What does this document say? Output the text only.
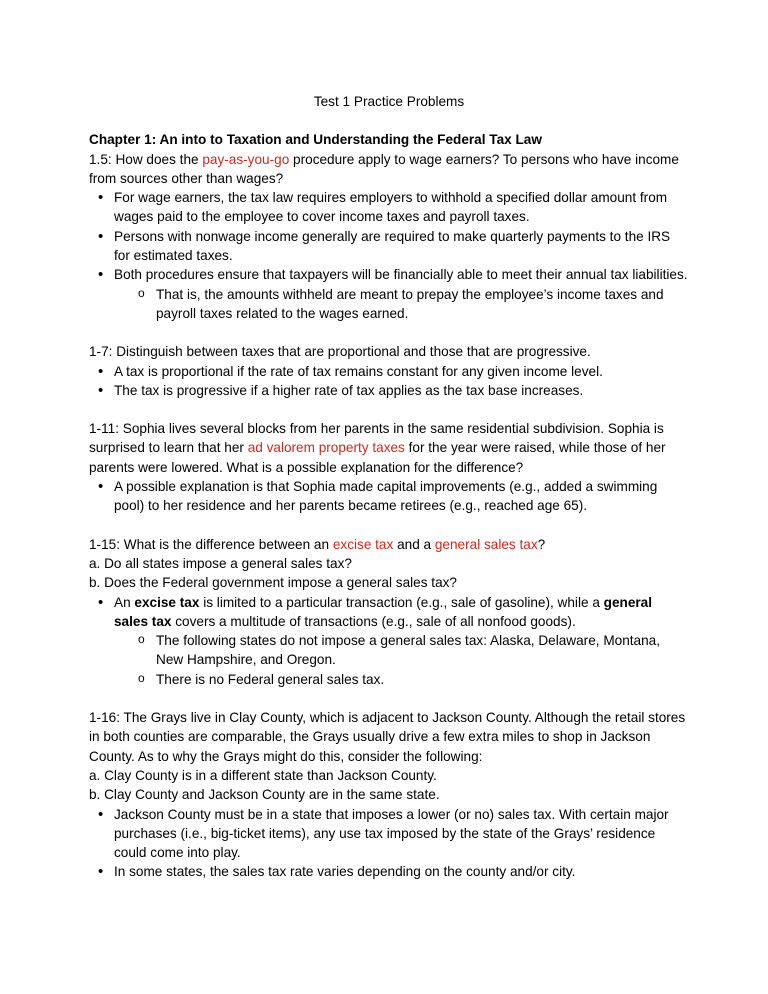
Test 1 Practice Problems

Chapter 1: An into to Taxation and Understanding the Federal Tax Law

1.5: How does the pay-as-you-go procedure apply to wage earners? To persons who have income from sources other than wages?

• For wage earners, the tax law requires employers to withhold a specified dollar amount from wages paid to the employee to cover income taxes and payroll taxes.
• Persons with nonwage income generally are required to make quarterly payments to the IRS for estimated taxes.
• Both procedures ensure that taxpayers will be financially able to meet their annual tax liabilities.
o That is, the amounts withheld are meant to prepay the employee’s income taxes and payroll taxes related to the wages earned.

1-7: Distinguish between taxes that are proportional and those that are progressive.

• A tax is proportional if the rate of tax remains constant for any given income level.
• The tax is progressive if a higher rate of tax applies as the tax base increases.

1-11: Sophia lives several blocks from her parents in the same residential subdivision. Sophia is surprised to learn that her ad valorem property taxes for the year were raised, while those of her parents were lowered. What is a possible explanation for the difference?

• A possible explanation is that Sophia made capital improvements (e.g., added a swimming pool) to her residence and her parents became retirees (e.g., reached age 65).

1-15: What is the difference between an excise tax and a general sales tax?

a. Do all states impose a general sales tax?

b. Does the Federal government impose a general sales tax?

• An excise tax is limited to a particular transaction (e.g., sale of gasoline), while a general sales tax covers a multitude of transactions (e.g., sale of all nonfood goods).
o The following states do not impose a general sales tax: Alaska, Delaware, Montana, New Hampshire, and Oregon.
o There is no Federal general sales tax.

1-16: The Grays live in Clay County, which is adjacent to Jackson County. Although the retail stores in both counties are comparable, the Grays usually drive a few extra miles to shop in Jackson County. As to why the Grays might do this, consider the following:

a. Clay County is in a different state than Jackson County.

b. Clay County and Jackson County are in the same state.

• Jackson County must be in a state that imposes a lower (or no) sales tax. With certain major purchases (i.e., big-ticket items), any use tax imposed by the state of the Grays’ residence could come into play.
• In some states, the sales tax rate varies depending on the county and/or city.
